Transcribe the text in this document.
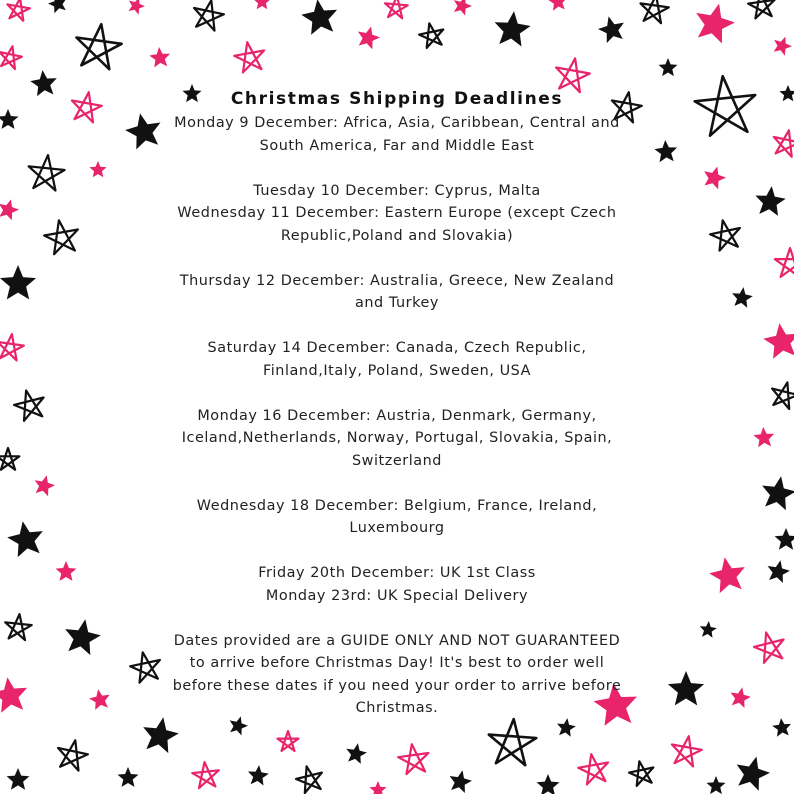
Christmas Shipping Deadlines
Monday 9 December: Africa, Asia, Caribbean, Central and
South America, Far and Middle East
Tuesday 10 December: Cyprus, Malta
Wednesday 11 December: Eastern Europe (except Czech
Republic,Poland and Slovakia)
Thursday 12 December: Australia, Greece, New Zealand
and Turkey
Saturday 14 December: Canada, Czech Republic,
Finland,Italy, Poland, Sweden, USA
Monday 16 December: Austria, Denmark, Germany,
Iceland,Netherlands, Norway, Portugal, Slovakia, Spain,
Switzerland
Wednesday 18 December: Belgium, France, Ireland,
Luxembourg
Friday 20th December: UK 1st Class
Monday 23rd: UK Special Delivery
Dates provided are a GUIDE ONLY AND NOT GUARANTEED
to arrive before Christmas Day! It's best to order well
before these dates if you need your order to arrive before
Christmas.
